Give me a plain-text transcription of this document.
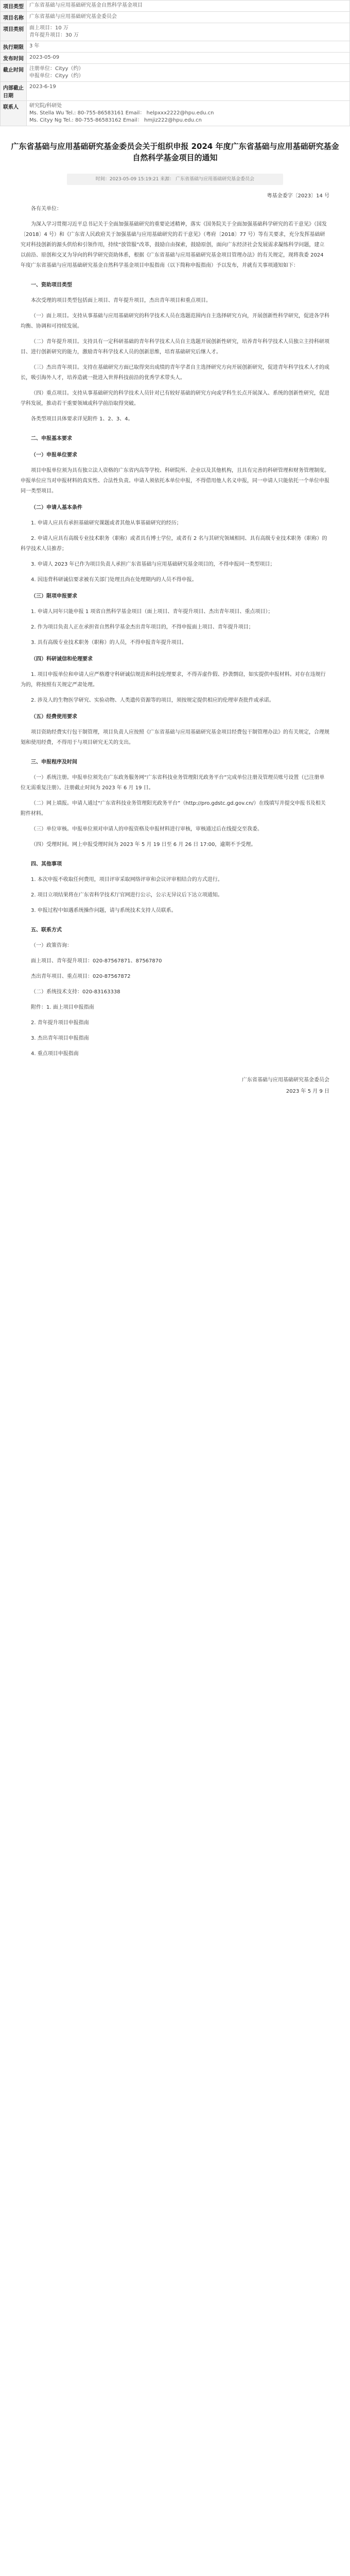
项目类型	广东省基础与应用基础研究基金自然科学基金项目

项目名称	广东省基础与应用基础研究基金委员会

项目类别	面上项目：10 万
青年提升项目：30 万

执行期限	3 年

发布时间	2023-05-09

截止时间	注册单位：Cityy（约）
申报单位：Cityy（约）

内部截止日期	2023-6-19

联系人	研究院/科研处
Ms. Stella Wu Tel.: 80-755-86583161 Email： helpxxx2222@hpu.edu.cn
Ms. Cityy Ng Tel.: 80-755-86583162 Email： hmjiz222@hpu.edu.cn
广东省基础与应用基础研究基金委员会关于组织申报 2024 年度广东省基础与应用基础研究基金自然科学基金项目的通知
时间：2023-05-09 15:19:21 来源： 广东省基础与应用基础研究基金委员会
粤基金委字〔2023〕14 号

各有关单位：

为深入学习贯彻习近平总书记关于全面加强基础研究的重要论述精神，落实《国务院关于全面加强基础科学研究的若干意见》（国发〔2018〕4 号）和《广东省人民政府关于加强基础与应用基础研究的若干意见》（粤府〔2018〕77 号）等有关要求，充分发挥基础研究对科技创新的源头供给和引领作用，持续“放管服”改革，鼓励自由探索，鼓励原创，面向广东经济社会发展需求凝练科学问题，建立以前沿、原创和交叉为导向的科学研究资助体系，根据《广东省基础与应用基础研究基金项目管理办法》的有关规定，现将我委 2024 年度广东省基础与应用基础研究基金自然科学基金项目申报指南（以下简称申报指南）予以发布，并就有关事项通知如下：

一、资助项目类型

本次受理的项目类型包括面上项目、青年提升项目，杰出青年项目和重点项目。

（一）面上项目。支持从事基础与应用基础研究的科学技术人员在选题范围内自主选择研究方向，开展创新性科学研究，促进各学科均衡、协调和可持续发展。

（二）青年提升项目。支持具有一定科研基础的青年科学技术人员自主选题开展创新性研究，培养青年科学技术人员独立主持科研项目、进行创新研究的能力，激励青年科学技术人员的创新思维，培育基础研究后继人才。

（三）杰出青年项目。支持在基础研究方面已取得突出成绩的青年学者自主选择研究方向开展创新研究，促进青年科学技术人才的成长，吸引海外人才，培养造就一批进入世界科技前沿的优秀学术带头人。

（四）重点项目。支持从事基础研究的科学技术人员针对已有较好基础的研究方向或学科生长点开展深入、系统的创新性研究，促进学科发展，推动若干重要领域或科学前沿取得突破。

各类型项目具体要求详见附件 1、2、3、4。

二、申报基本要求
（一）申报单位要求

项目申报单位须为具有独立法人资格的广东省内高等学校、科研院所、企业以及其他机构，且具有完善的科研管理和财务管理制度。申报单位应当对申报材料的真实性、合法性负责。申请人须依托本单位申报，不得借用他人名义申报，同一申请人只能依托一个单位申报同一类型项目。

（二）申请人基本条件

1. 申请人应具有承担基础研究课题或者其他从事基础研究的经历；

2. 申请人应具有高级专业技术职务（职称）或者具有博士学位，或者有 2 名与其研究领域相同、具有高级专业技术职务（职称）的科学技术人员推荐；

3. 申请人 2023 年已作为项目负责人承担广东省基础与应用基础研究基金项目的，不得申报同一类型项目；

4. 因违背科研诚信要求被有关部门处理且尚在处理期内的人员不得申报。

（三）限项申报要求

1. 申请人同年只能申报 1 项省自然科学基金项目（面上项目、青年提升项目、杰出青年项目、重点项目）；

2. 作为项目负责人正在承担省自然科学基金杰出青年项目的，不得申报面上项目、青年提升项目；

3. 具有高级专业技术职务（职称）的人员，不得申报青年提升项目。

（四）科研诚信和伦理要求

1. 项目申报单位和申请人应严格遵守科研诚信规范和科技伦理要求，不得弄虚作假、抄袭剽窃，如实提供申报材料。对存在违规行为的，将按照有关规定严肃处理。

2. 涉及人的生物医学研究、实验动物、人类遗传资源等的项目，须按规定提供相应的伦理审查批件或承诺。

（五）经费使用要求

项目资助经费实行包干制管理，项目负责人应按照《广东省基础与应用基础研究基金项目经费包干制管理办法》的有关规定，合理规划和使用经费，不得用于与项目研究无关的支出。

三、申报程序及时间

（一）系统注册。申报单位须先在广东政务服务网“广东省科技业务管理阳光政务平台”完成单位注册及管理员账号设置（已注册单位无需重复注册）。注册截止时间为 2023 年 6 月 19 日。

（二）网上填报。申请人通过“广东省科技业务管理阳光政务平台”（http://pro.gdstc.gd.gov.cn/）在线填写并提交申报书及相关附件材料。

（三）单位审核。申报单位须对申请人的申报资格及申报材料进行审核，审核通过后在线提交至我委。

（四）受理时间。网上申报受理时间为 2023 年 5 月 19 日至 6 月 26 日 17:00，逾期不予受理。

四、其他事项

1. 本次申报不收取任何费用，项目评审采取网络评审和会议评审相结合的方式进行。

2. 项目立项结果将在广东省科学技术厅官网进行公示，公示无异议后下达立项通知。

3. 申报过程中如遇系统操作问题，请与系统技术支持人员联系。

五、联系方式

（一）政策咨询：

面上项目、青年提升项目：020-87567871、87567870

杰出青年项目、重点项目：020-87567872

（二）系统技术支持：020-83163338

附件：1. 面上项目申报指南

2. 青年提升项目申报指南

3. 杰出青年项目申报指南

4. 重点项目申报指南

广东省基础与应用基础研究基金委员会
2023 年 5 月 9 日
